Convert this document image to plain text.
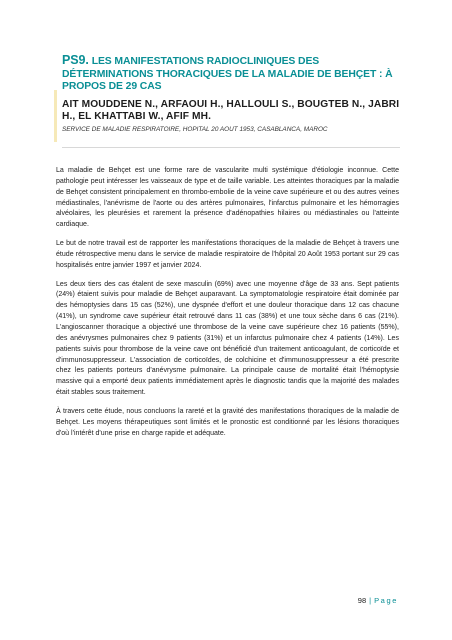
PS9. LES MANIFESTATIONS RADIOCLINIQUES DES DÉTERMINATIONS THORACIQUES DE LA MALADIE DE BEHÇET : À PROPOS DE 29 CAS

AIT MOUDDENE N., ARFAOUI H., HALLOULI S., BOUGTEB N., JABRI H., EL KHATTABI W., AFIF MH.

SERVICE DE MALADIE RESPIRATOIRE, HOPITAL 20 AOUT 1953, CASABLANCA, MAROC

La maladie de Behçet est une forme rare de vascularite multi systémique d'étiologie inconnue. Cette pathologie peut intéresser les vaisseaux de type et de taille variable. Les atteintes thoraciques par la maladie de Behçet consistent principalement en thrombo-embolie de la veine cave supérieure et ou des autres veines médiastinales, l'anévrisme de l'aorte ou des artères pulmonaires, l'infarctus pulmonaire et les hémorragies alvéolaires, les pleurésies et rarement la présence d'adénopathies hilaires ou médiastinales ou l'atteinte cardiaque.

Le but de notre travail est de rapporter les manifestations thoraciques de la maladie de Behçet à travers une étude rétrospective menu dans le service de maladie respiratoire de l'hôpital 20 Août 1953 portant sur 29 cas hospitalisés entre janvier 1997 et janvier 2024.

Les deux tiers des cas étalent de sexe masculin (69%) avec une moyenne d'âge de 33 ans. Sept patients (24%) étaient suivis pour maladie de Behçet auparavant. La symptomatologie respiratoire était dominée par des hémoptysies dans 15 cas (52%), une dyspnée d'effort et une douleur thoracique dans 12 cas chacune (41%), un syndrome cave supérieur était retrouvé dans 11 cas (38%) et une toux sèche dans 6 cas (21%). L'angioscanner thoracique a objectivé une thrombose de la veine cave supérieure chez 16 patients (55%), des anévrysmes pulmonaires chez 9 patients (31%) et un infarctus pulmonaire chez 4 patients (14%). Les patients suivis pour thrombose de la veine cave ont bénéficié d'un traitement anticoagulant, de corticoïde et d'immunosuppresseur. L'association de corticoïdes, de colchicine et d'immunosuppresseur a été prescrite chez les patients porteurs d'anévrysme pulmonaire. La principale cause de mortalité était l'hémoptysie massive qui a emporté deux patients immédiatement après le diagnostic tandis que la majorité des malades était stables sous traitement.

À travers cette étude, nous concluons la rareté et la gravité des manifestations thoraciques de la maladie de Behçet. Les moyens thérapeutiques sont limités et le pronostic est conditionné par les lésions thoraciques d'où l'intérêt d'une prise en charge rapide et adéquate.

98 | Page
